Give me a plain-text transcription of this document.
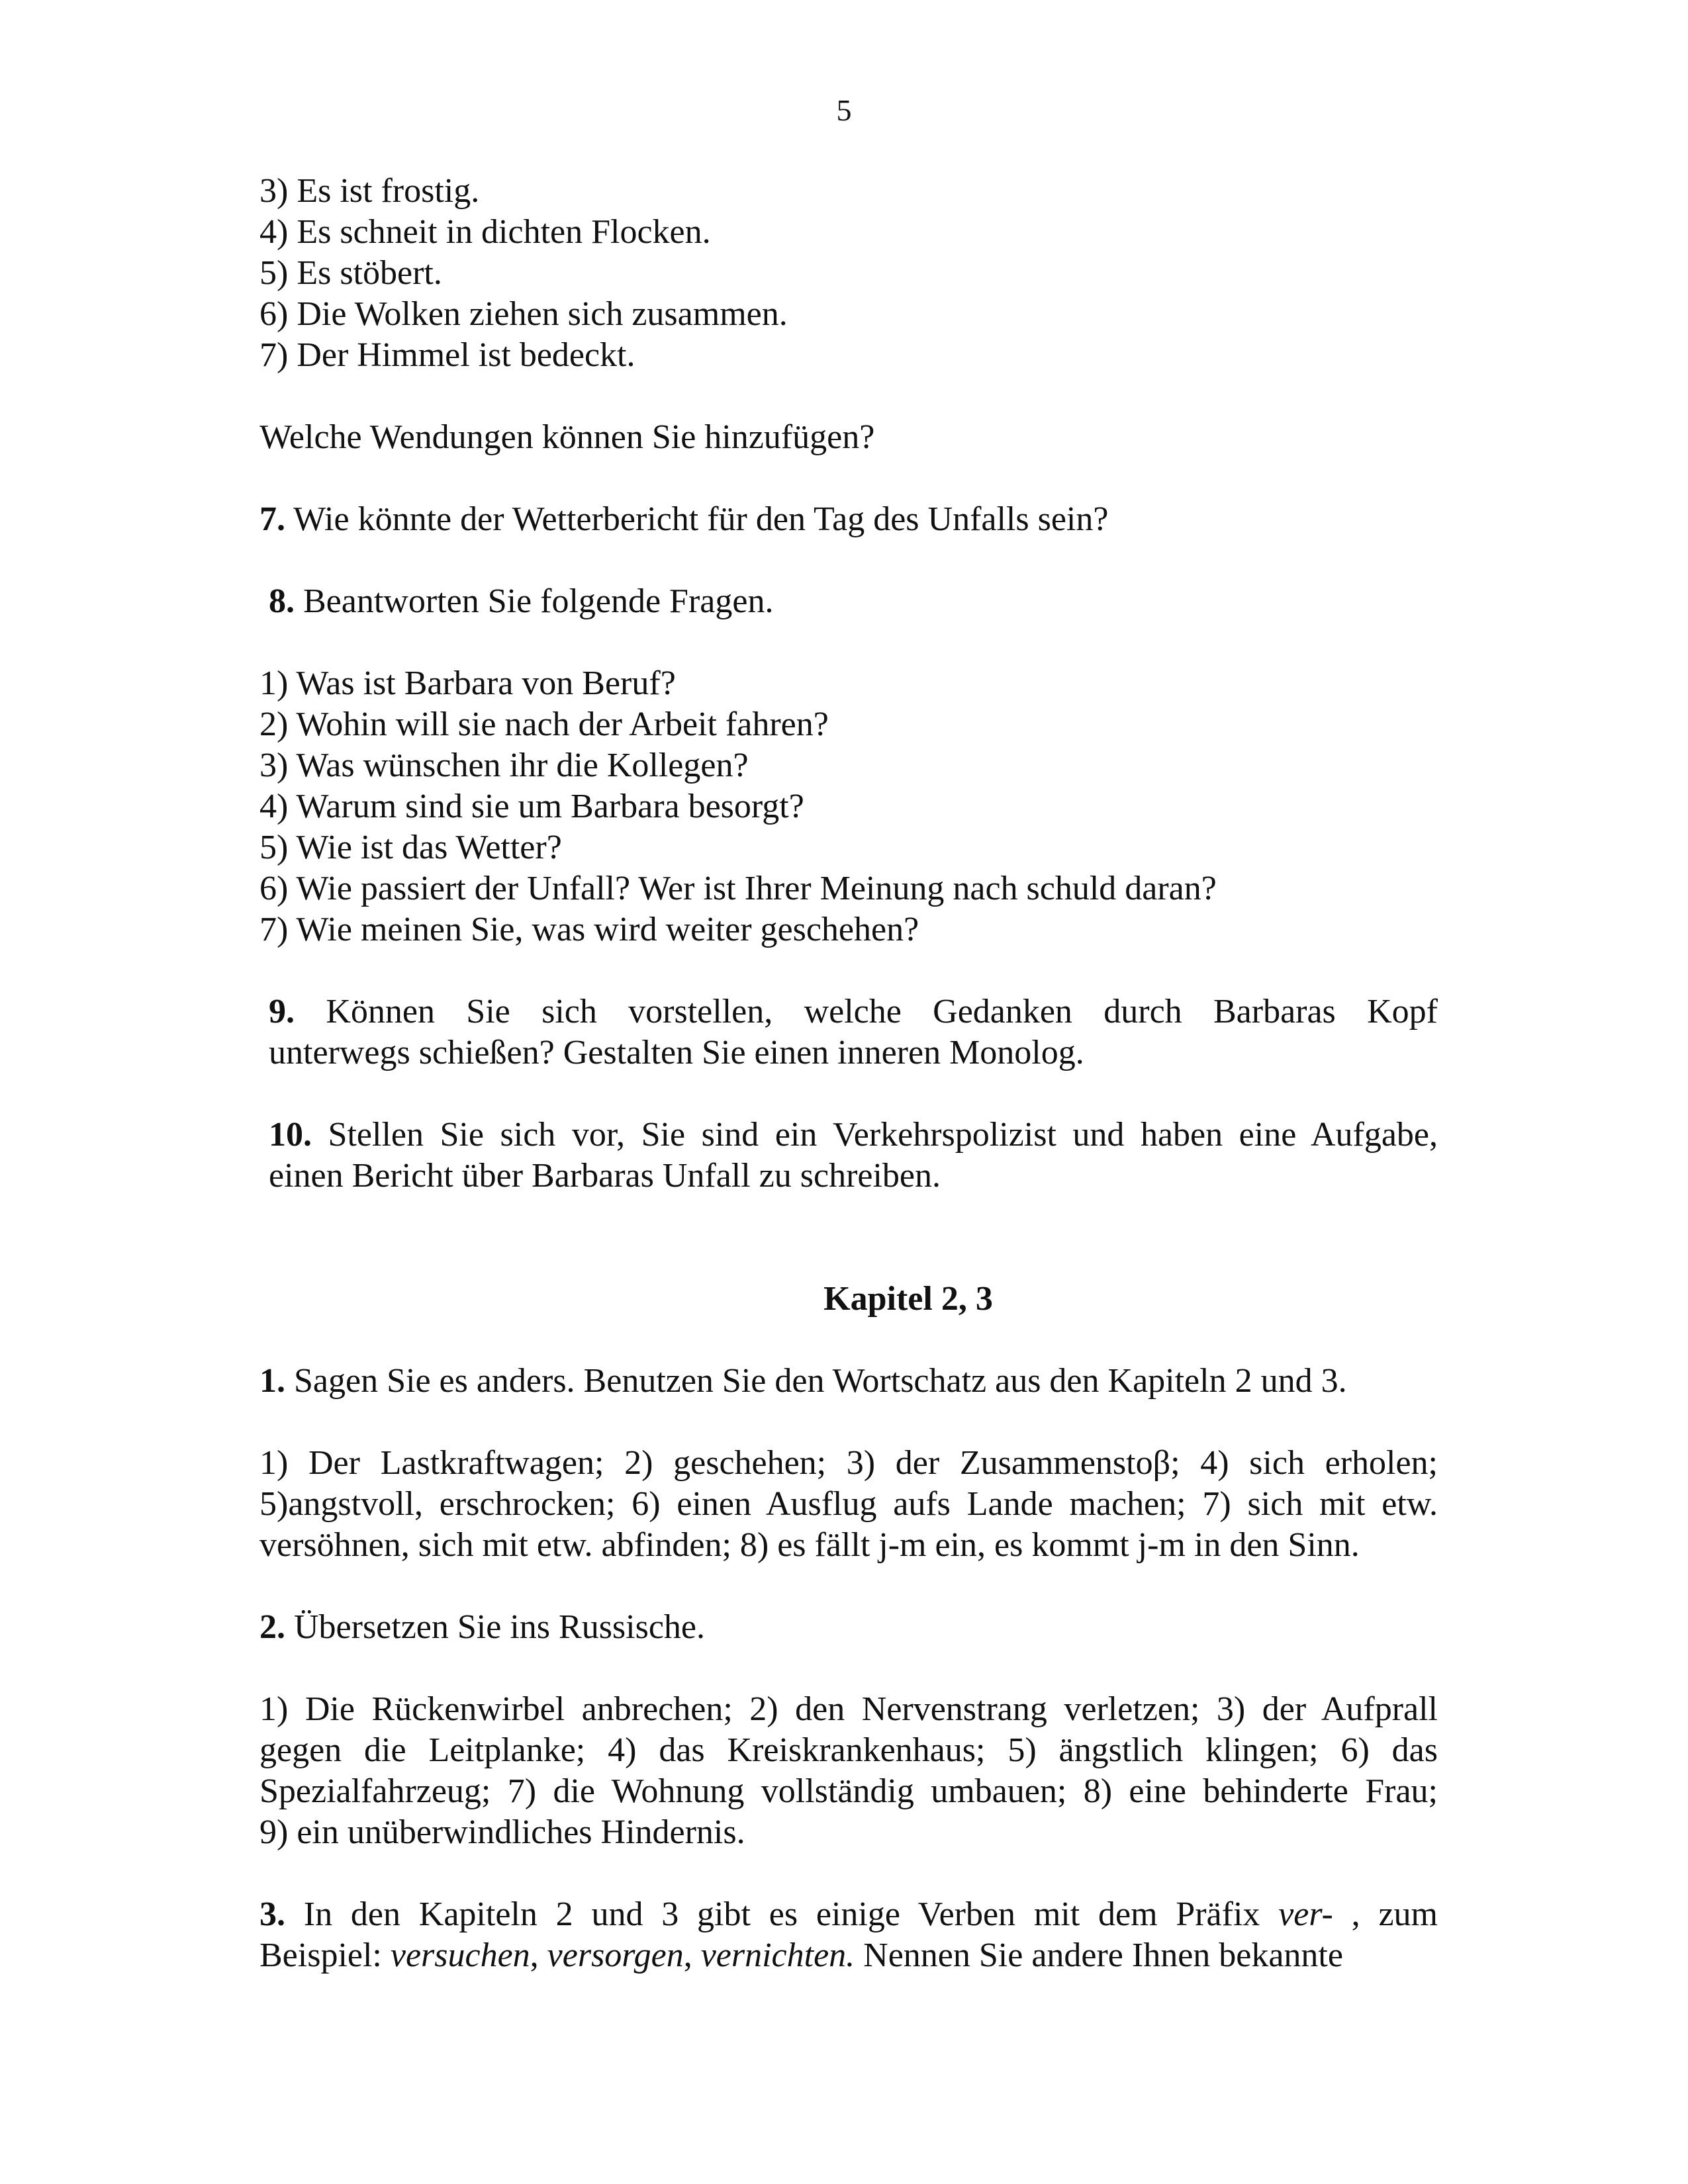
5
3) Es ist frostig.
4) Es schneit in dichten Flocken.
5) Es stöbert.
6) Die Wolken ziehen sich zusammen.
7) Der Himmel ist bedeckt.
Welche Wendungen können Sie hinzufügen?
7. Wie könnte der Wetterbericht für den Tag des Unfalls sein?
8. Beantworten Sie folgende Fragen.
1) Was ist Barbara von Beruf?
2) Wohin will sie nach der Arbeit fahren?
3) Was wünschen ihr die Kollegen?
4) Warum sind sie um Barbara besorgt?
5) Wie ist das Wetter?
6) Wie passiert der Unfall? Wer ist Ihrer Meinung nach schuld daran?
7) Wie meinen Sie, was wird weiter geschehen?
9. Können Sie sich vorstellen, welche Gedanken durch Barbaras Kopf
unterwegs schießen? Gestalten Sie einen inneren Monolog.
10. Stellen Sie sich vor, Sie sind ein Verkehrspolizist und haben eine Aufgabe,
einen Bericht über Barbaras Unfall zu schreiben.
Kapitel 2, 3
1. Sagen Sie es anders. Benutzen Sie den Wortschatz aus den Kapiteln 2 und 3.
1) Der Lastkraftwagen; 2) geschehen; 3) der Zusammenstoβ; 4) sich erholen;
5)angstvoll, erschrocken; 6) einen Ausflug aufs Lande machen; 7) sich mit etw.
versöhnen, sich mit etw. abfinden; 8) es fällt j-m ein, es kommt j-m in den Sinn.
2. Übersetzen Sie ins Russische.
1) Die Rückenwirbel anbrechen; 2) den Nervenstrang verletzen; 3) der Aufprall
gegen die Leitplanke; 4) das Kreiskrankenhaus; 5) ängstlich klingen; 6) das
Spezialfahrzeug; 7) die Wohnung vollständig umbauen; 8) eine behinderte Frau;
9) ein unüberwindliches Hindernis.
3. In den Kapiteln 2 und 3 gibt es einige Verben mit dem Präfix ver- , zum
Beispiel: versuchen, versorgen, vernichten. Nennen Sie andere Ihnen bekannte
